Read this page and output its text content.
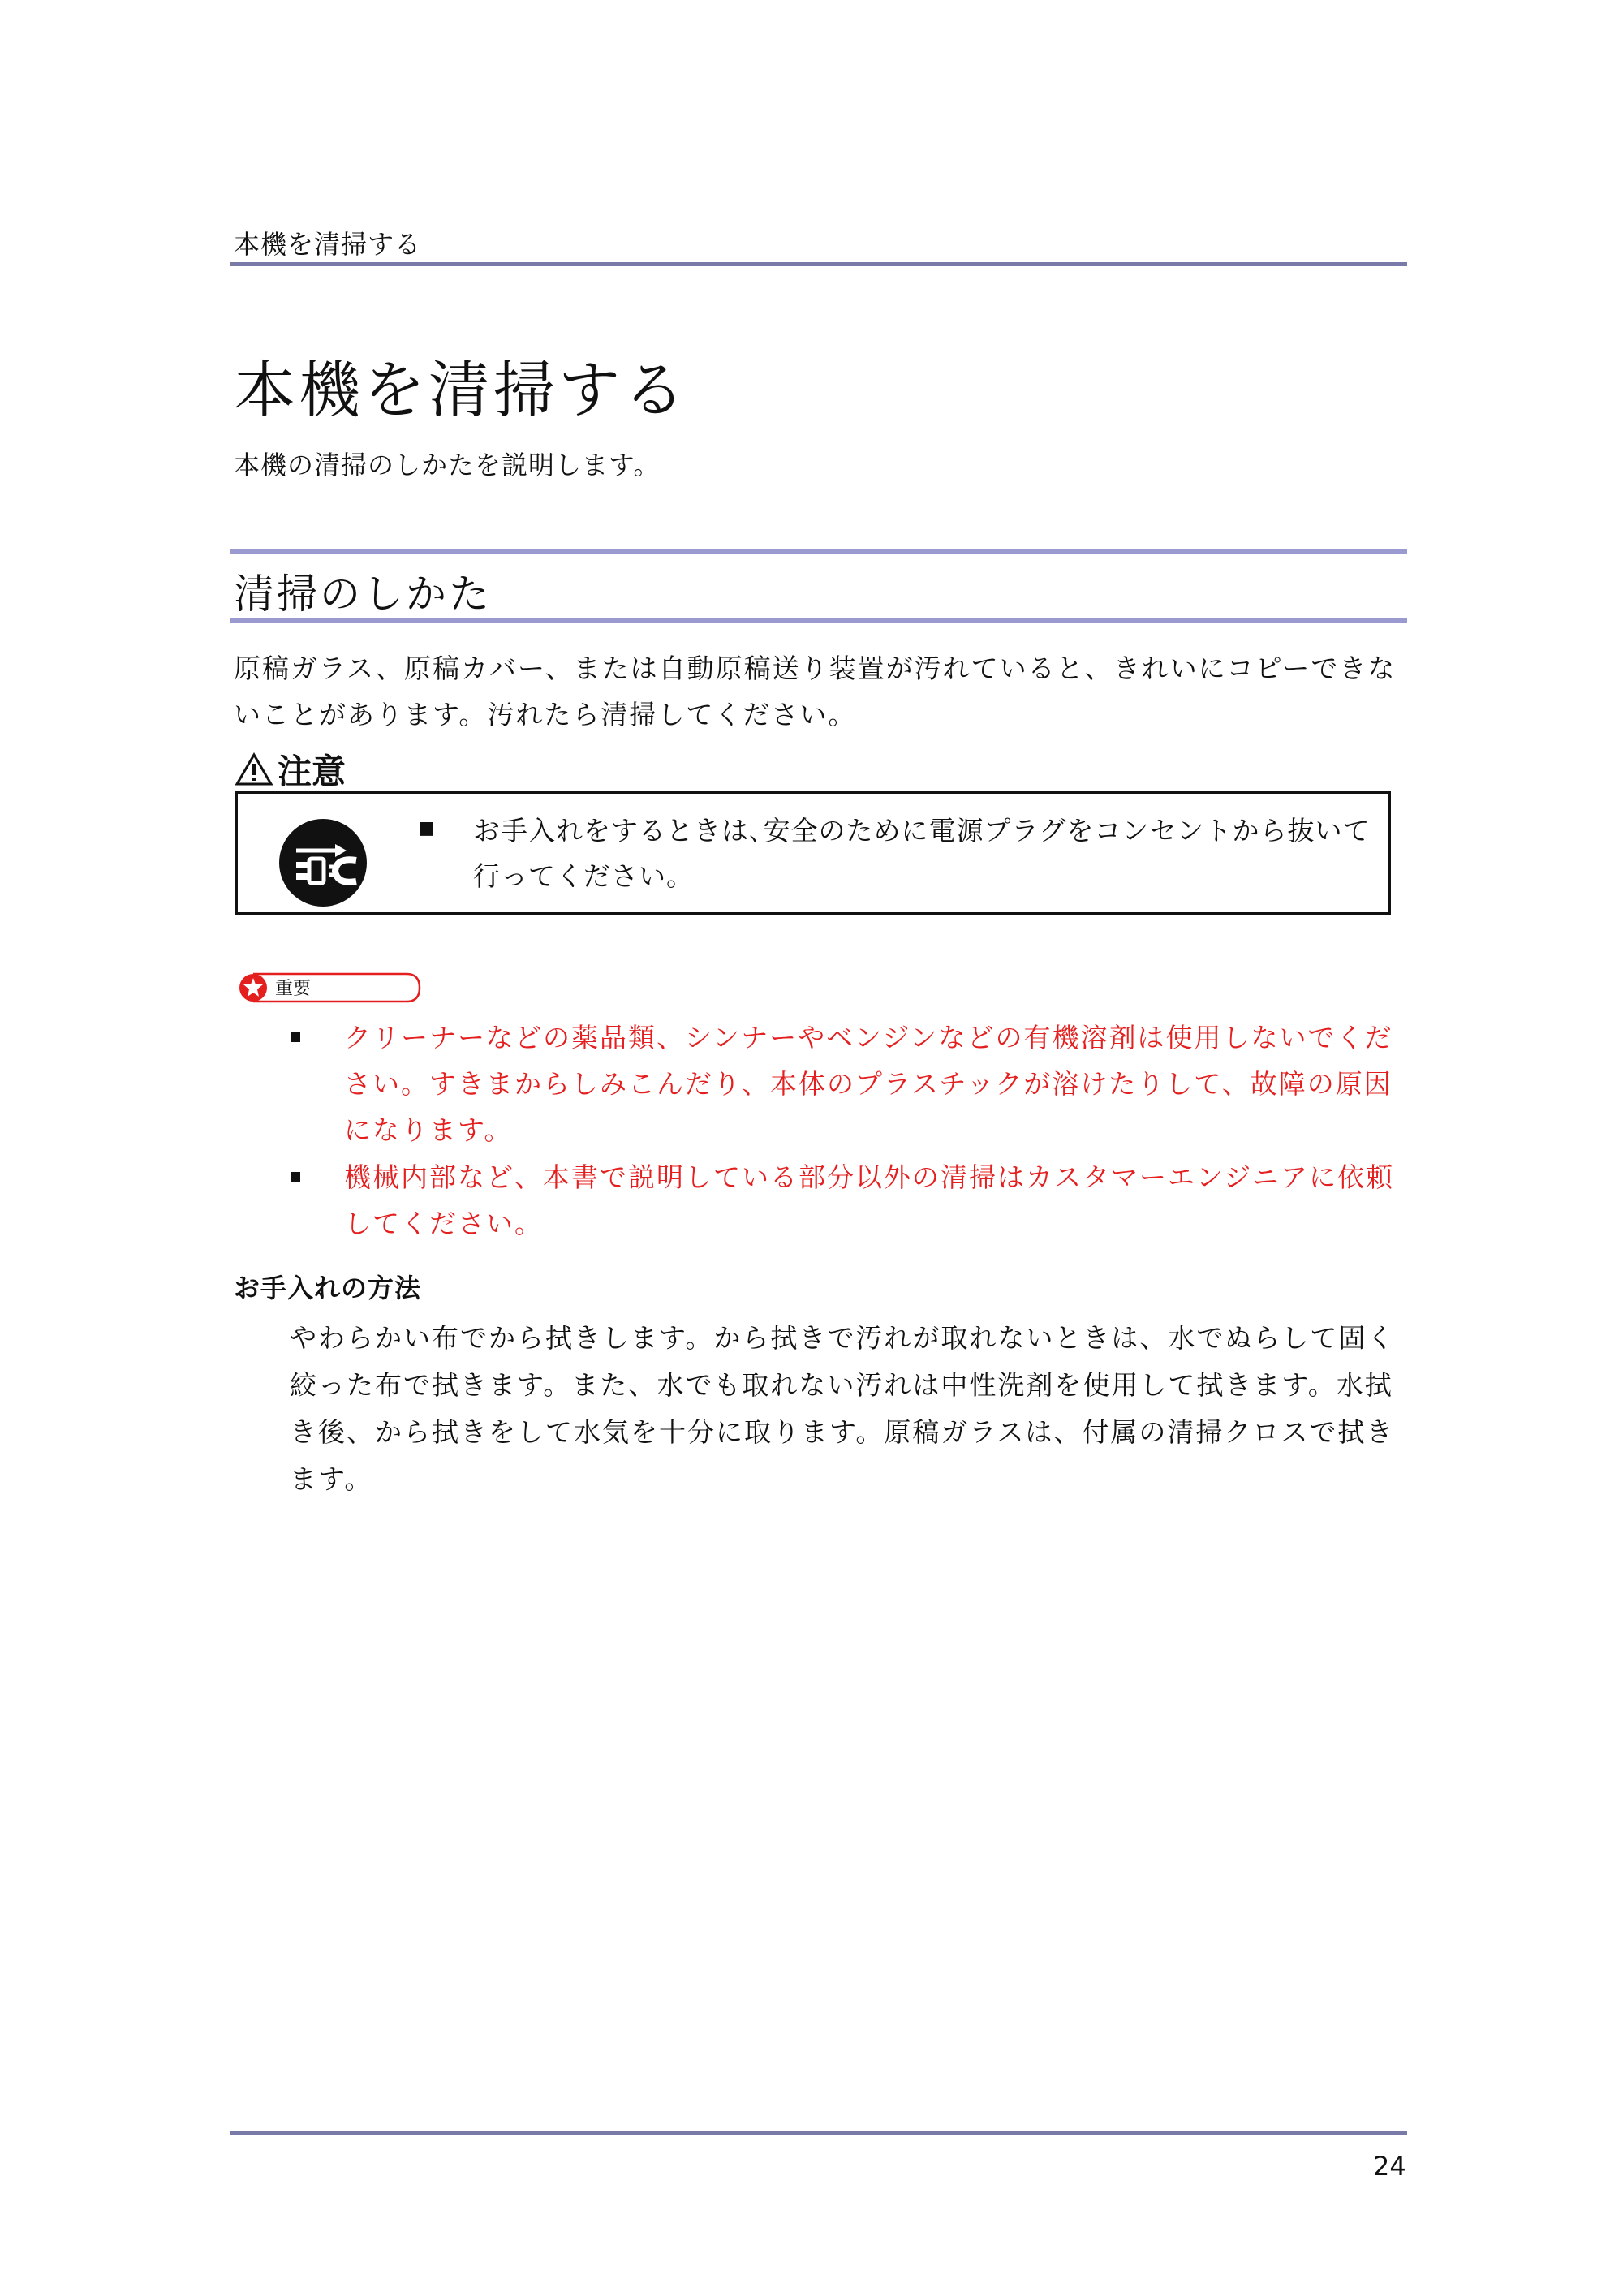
本機を清掃する
本機を清掃する
本機の清掃のしかたを説明します。
清掃のしかた
原稿ガラス、原稿カバー、または自動原稿送り装置が汚れていると、きれいにコピーできないことがあります。汚れたら清掃してください。
注意
■ お手入れをするときは､安全のために電源プラグをコンセントから抜いて行ってください。
重要
クリーナーなどの薬品類、シンナーやベンジンなどの有機溶剤は使用しないでください。すきまからしみこんだり、本体のプラスチックが溶けたりして、故障の原因になります。
機械内部など、本書で説明している部分以外の清掃はカスタマーエンジニアに依頼してください。
お手入れの方法
やわらかい布でから拭きします。から拭きで汚れが取れないときは、水でぬらして固く絞った布で拭きます。また、水でも取れない汚れは中性洗剤を使用して拭きます。水拭き後、から拭きをして水気を十分に取ります。原稿ガラスは、付属の清掃クロスで拭きます。
24
